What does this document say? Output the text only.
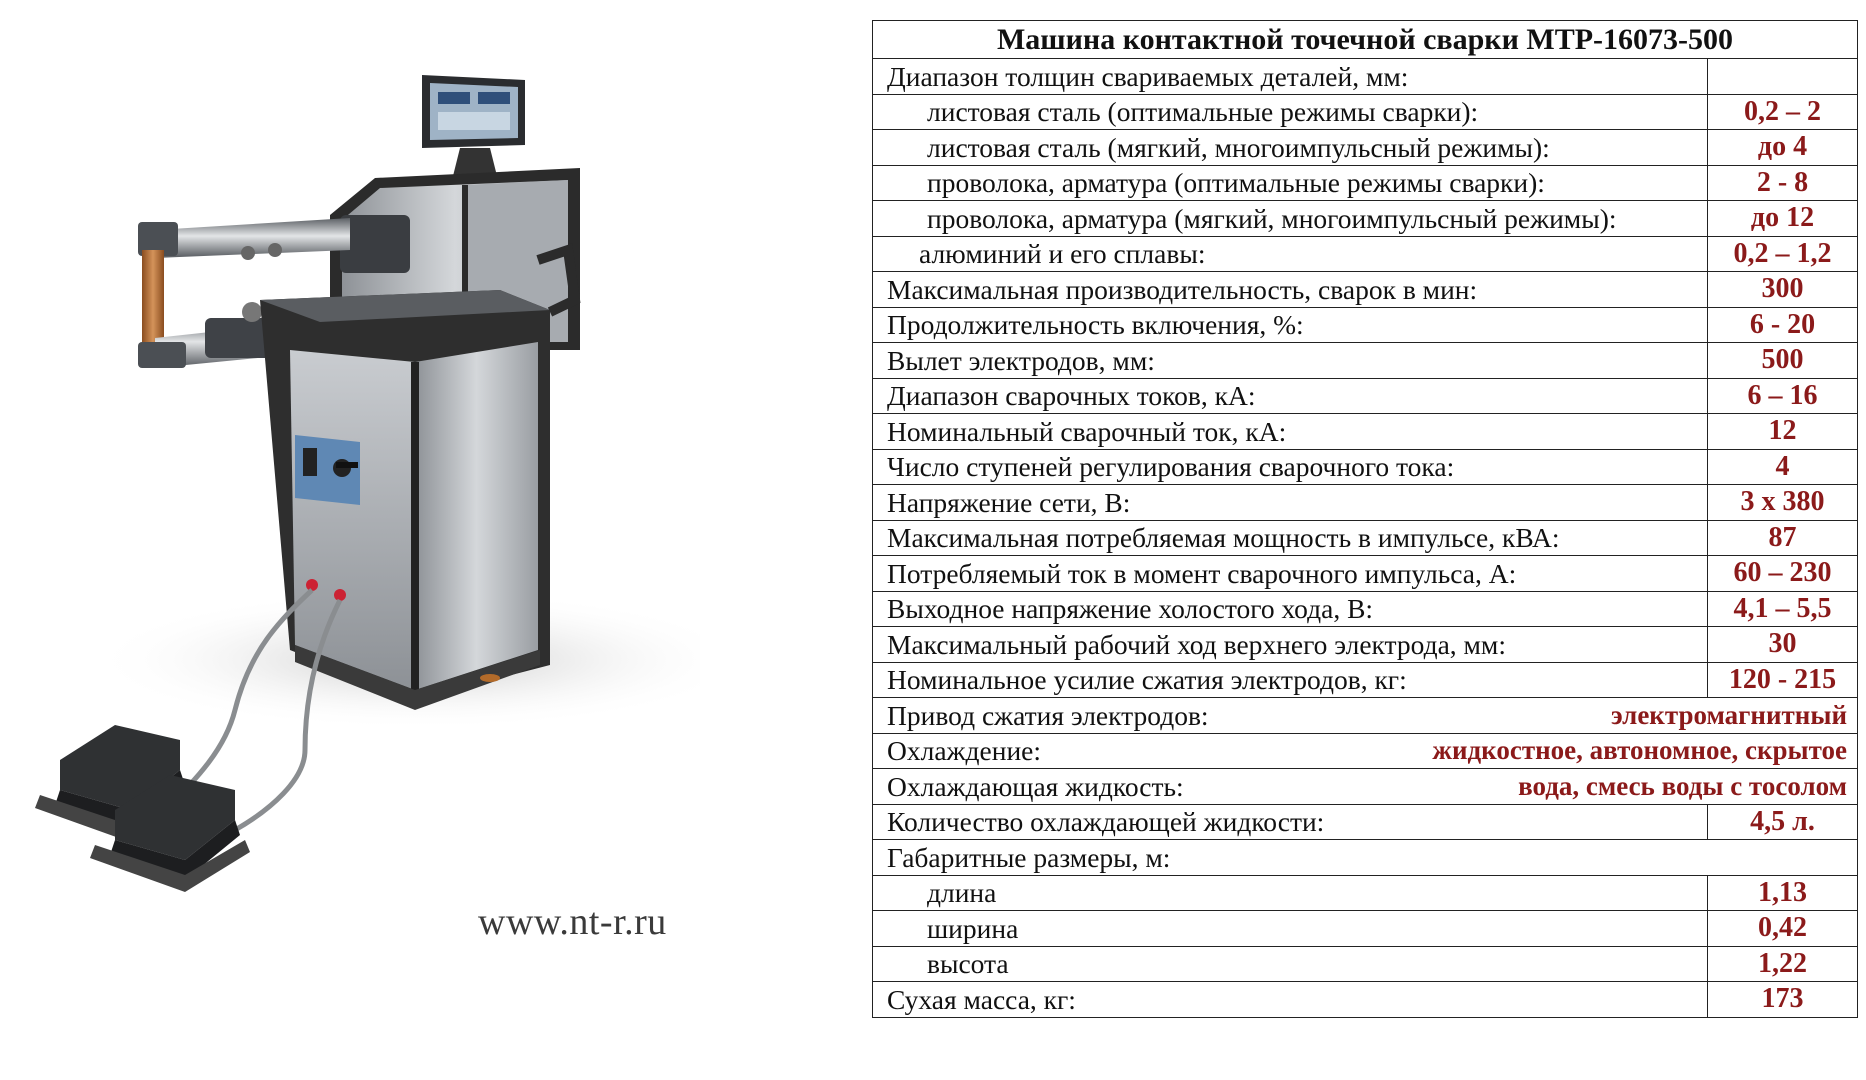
www.nt-r.ru
Машина контактной точечной сварки МТР-16073-500	
Диапазон толщин свариваемых деталей, мм:	
листовая сталь (оптимальные режимы сварки):	0,2 – 2
листовая сталь (мягкий, многоимпульсный режимы):	до 4
проволока, арматура (оптимальные режимы сварки):	2 - 8
проволока, арматура (мягкий, многоимпульсный режимы):	до 12
алюминий и его сплавы:	0,2 – 1,2
Максимальная производительность, сварок в мин:	300
Продолжительность включения, %:	6 - 20
Вылет электродов, мм:	500
Диапазон сварочных токов, кА:	6 – 16
Номинальный сварочный ток, кА:	12
Число ступеней регулирования сварочного тока:	4
Напряжение сети, В:	3 х 380
Максимальная потребляемая мощность в импульсе, кВА:	87
Потребляемый ток в момент сварочного импульса, А:	60 – 230
Выходное напряжение холостого хода, В:	4,1 – 5,5
Максимальный рабочий ход верхнего электрода, мм:	30
Номинальное усилие сжатия электродов, кг:	120 - 215

Привод сжатия электродов: электромагнитный	

Охлаждение: жидкостное, автономное, скрытое	

Охлаждающая жидкость: вода, смесь воды с тосолом	

Количество охлаждающей жидкости:	4,5 л.
Габаритные размеры, м:	
длина	1,13
ширина	0,42
высота	1,22
Сухая масса, кг:	173
